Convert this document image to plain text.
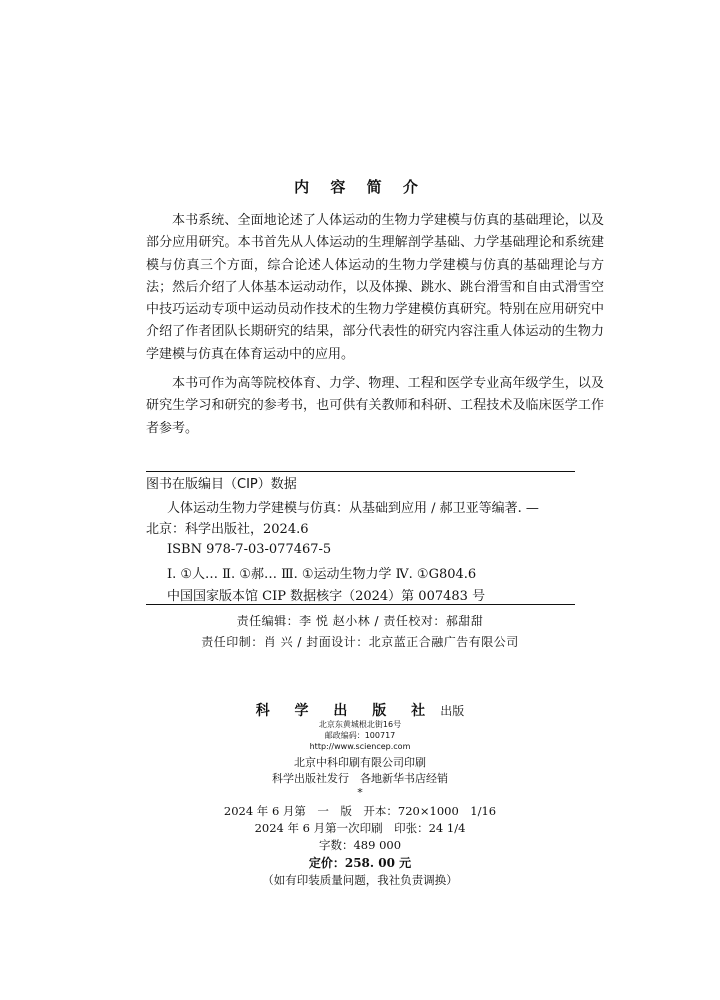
内 容 简 介

本书系统、全面地论述了人体运动的生物力学建模与仿真的基础理论，以及部分应用研究。本书首先从人体运动的生理解剖学基础、力学基础理论和系统建模与仿真三个方面，综合论述人体运动的生物力学建模与仿真的基础理论与方法；然后介绍了人体基本运动动作，以及体操、跳水、跳台滑雪和自由式滑雪空中技巧运动专项中运动员动作技术的生物力学建模仿真研究。特别在应用研究中介绍了作者团队长期研究的结果，部分代表性的研究内容注重人体运动的生物力学建模与仿真在体育运动中的应用。

本书可作为高等院校体育、力学、物理、工程和医学专业高年级学生，以及研究生学习和研究的参考书，也可供有关教师和科研、工程技术及临床医学工作者参考。

图书在版编目（CIP）数据
人体运动生物力学建模与仿真：从基础到应用 / 郝卫亚等编著. —
北京：科学出版社，2024.6
ISBN 978-7-03-077467-5
Ⅰ. ①人… Ⅱ. ①郝… Ⅲ. ①运动生物力学 Ⅳ. ①G804.6
中国国家版本馆 CIP 数据核字（2024）第 007483 号
责任编辑：李 悦 赵小林 / 责任校对：郝甜甜
责任印制：肖 兴 / 封面设计：北京蓝正合融广告有限公司
科 学 出 版 社 出版
北京东黄城根北街16号
邮政编码：100717
http://www.sciencep.com
北京中科印刷有限公司印刷
科学出版社发行　各地新华书店经销
*
2024 年 6 月第　一　版　开本：720×1000　1/16
2024 年 6 月第一次印刷　印张：24 1/4
字数：489 000
定价：258. 00 元
（如有印装质量问题，我社负责调换）
